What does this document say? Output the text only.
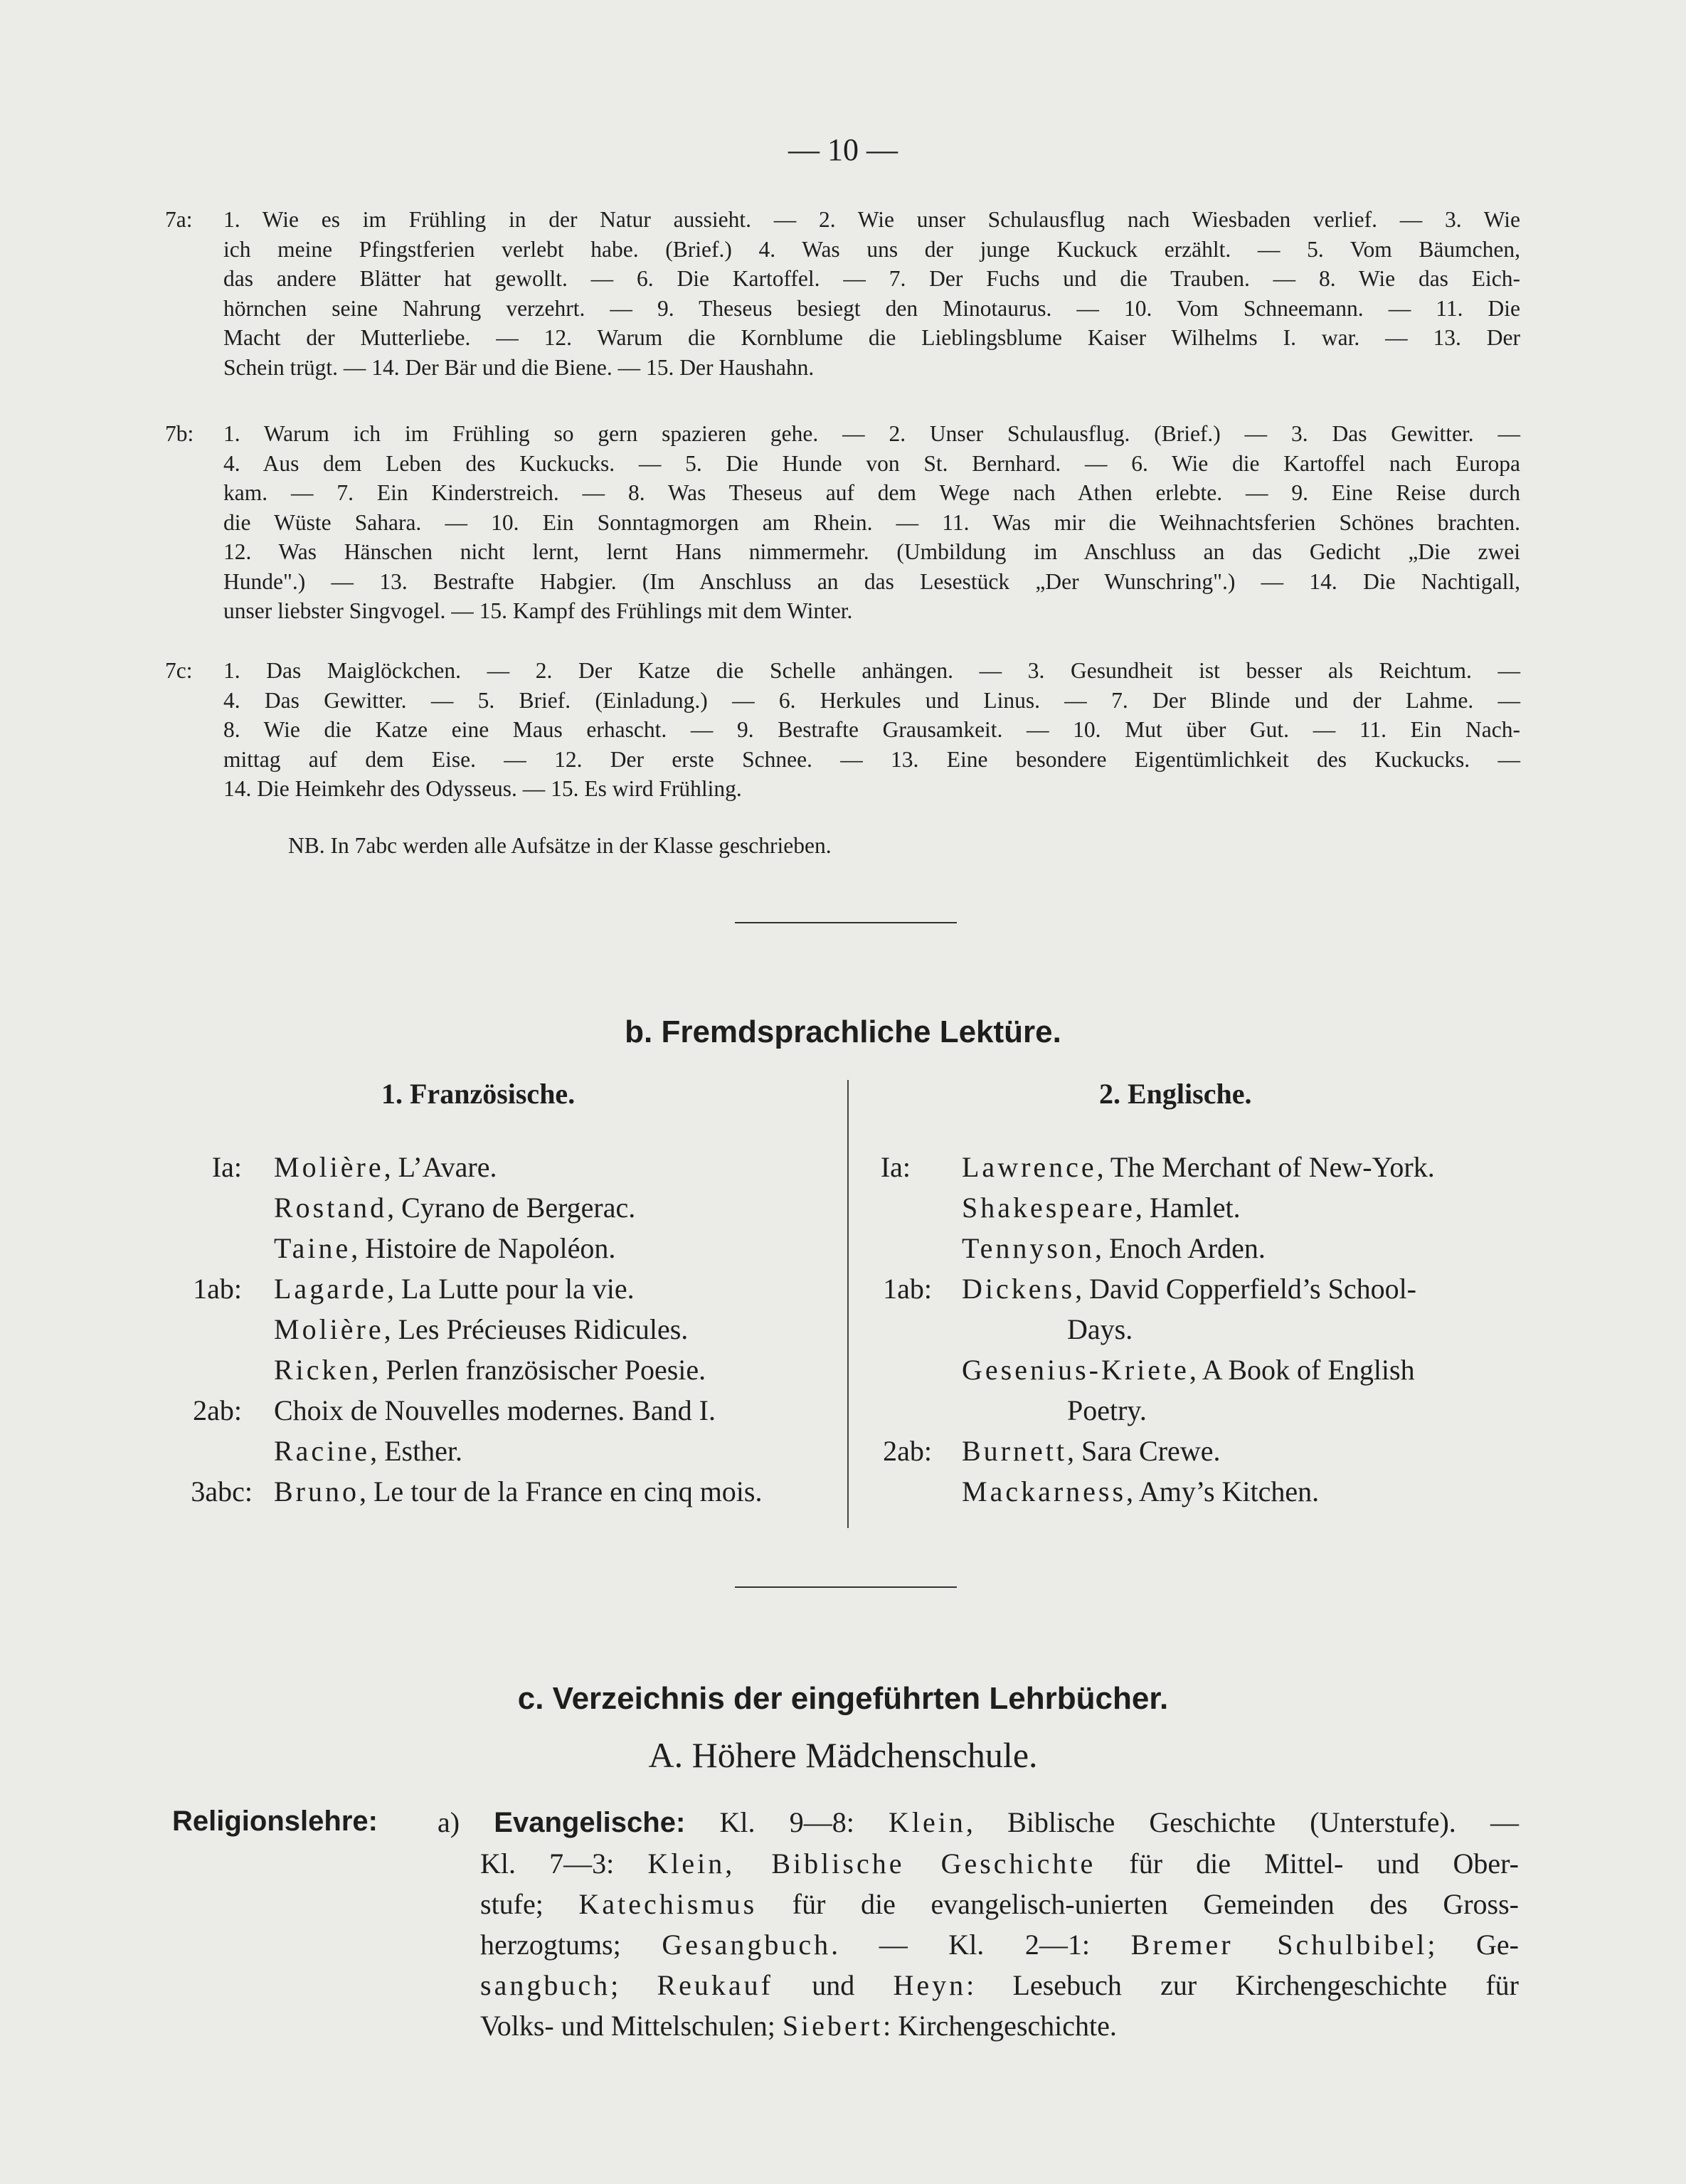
— 10 —
7a: 1. Wie es im Frühling in der Natur aussieht. — 2. Wie unser Schulausflug nach Wiesbaden verlief. — 3. Wie
ich meine Pfingstferien verlebt habe. (Brief.) 4. Was uns der junge Kuckuck erzählt. — 5. Vom Bäumchen,
das andere Blätter hat gewollt. — 6. Die Kartoffel. — 7. Der Fuchs und die Trauben. — 8. Wie das Eich-
hörnchen seine Nahrung verzehrt. — 9. Theseus besiegt den Minotaurus. — 10. Vom Schneemann. — 11. Die
Macht der Mutterliebe. — 12. Warum die Kornblume die Lieblingsblume Kaiser Wilhelms I. war. — 13. Der
Schein trügt. — 14. Der Bär und die Biene. — 15. Der Haushahn.
7b: 1. Warum ich im Frühling so gern spazieren gehe. — 2. Unser Schulausflug. (Brief.) — 3. Das Gewitter. —
4. Aus dem Leben des Kuckucks. — 5. Die Hunde von St. Bernhard. — 6. Wie die Kartoffel nach Europa
kam. — 7. Ein Kinderstreich. — 8. Was Theseus auf dem Wege nach Athen erlebte. — 9. Eine Reise durch
die Wüste Sahara. — 10. Ein Sonntagmorgen am Rhein. — 11. Was mir die Weihnachtsferien Schönes brachten.
12. Was Hänschen nicht lernt, lernt Hans nimmermehr. (Umbildung im Anschluss an das Gedicht „Die zwei
Hunde".) — 13. Bestrafte Habgier. (Im Anschluss an das Lesestück „Der Wunschring".) — 14. Die Nachtigall,
unser liebster Singvogel. — 15. Kampf des Frühlings mit dem Winter.
7c: 1. Das Maiglöckchen. — 2. Der Katze die Schelle anhängen. — 3. Gesundheit ist besser als Reichtum. —
4. Das Gewitter. — 5. Brief. (Einladung.) — 6. Herkules und Linus. — 7. Der Blinde und der Lahme. —
8. Wie die Katze eine Maus erhascht. — 9. Bestrafte Grausamkeit. — 10. Mut über Gut. — 11. Ein Nach-
mittag auf dem Eise. — 12. Der erste Schnee. — 13. Eine besondere Eigentümlichkeit des Kuckucks. —
14. Die Heimkehr des Odysseus. — 15. Es wird Frühling.
NB. In 7abc werden alle Aufsätze in der Klasse geschrieben.
b. Fremdsprachliche Lektüre.
1. Französische.	2. Englische.
Ia: Molière, L’Avare.
Rostand, Cyrano de Bergerac.
Taine, Histoire de Napoléon.
1ab: Lagarde, La Lutte pour la vie.
Molière, Les Précieuses Ridicules.
Ricken, Perlen französischer Poesie.
2ab: Choix de Nouvelles modernes. Band I.
Racine, Esther.
3abc: Bruno, Le tour de la France en cinq mois.
Ia: Lawrence, The Merchant of New-York.
Shakespeare, Hamlet.
Tennyson, Enoch Arden.
1ab: Dickens, David Copperfield’s School-
Days.
Gesenius-Kriete, A Book of English
Poetry.
2ab: Burnett, Sara Crewe.
Mackarness, Amy’s Kitchen.
c. Verzeichnis der eingeführten Lehrbücher.
A. Höhere Mädchenschule.
Religionslehre: a) Evangelische: Kl. 9—8: Klein, Biblische Geschichte (Unterstufe). —
Kl. 7—3: Klein, Biblische Geschichte für die Mittel- und Ober-
stufe; Katechismus für die evangelisch-unierten Gemeinden des Gross-
herzogtums; Gesangbuch. — Kl. 2—1: Bremer Schulbibel; Ge-
sangbuch; Reukauf und Heyn: Lesebuch zur Kirchengeschichte für
Volks- und Mittelschulen; Siebert: Kirchengeschichte.
